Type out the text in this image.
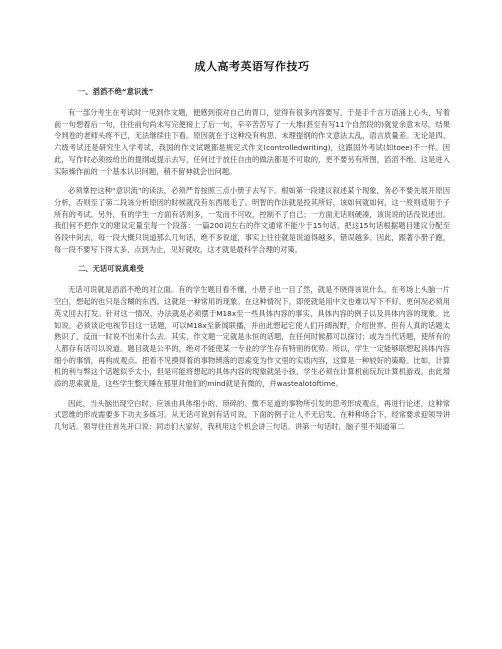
成人高考英语写作技巧
一、滔滔不绝“意识流”

有一部分考生在考试时一见到作文题，便感到很对自己的胃口，觉得有很多内容要写，于是手千言万语涌上心头，写着前一句想着后一句，往往前句尚未写完便接上了后一句，辛辛苦苦写了一大堆(甚至有写11个自然段的)就觉余意未尽。结果令判卷的老师头疼不已，无法继续往下看。原因就在于这种没有构思、未理提纲的作文意法太乱，语言质量差。无论是四、六级考试还是研究生入学考试，我国的作文试题都是规定式作文(controlledwriting)，这跟国外考试(如toee)不一样。因此，写作时必须按给出的提纲或提示去写，任何过于放任自由的做法都是不可取的，更不要另有所图，滔滔不绝。这是进入实际操作前的一个基本认识问题，稍不留神就会出问题。

必须掌控这种“意识流”的读法，必须严肯按照三点小册子去写下。根如第一段建议叙述某个现象，务必不要先展开原因分析，否则至了第二段该分析原因的时候就没有东西展毛了。明智的作法就是投其所好，该如何就如何，这一原则适用于子所有的考试。另外，有的学生一方面有话则多，一发而不可收，控制不了自己；一方面无话则硬凑，该说说的话没说述出。我们何不把作文的建议定量至每一个段落：一篇200词左右的作文通常不能少于15句话，把这15句话根据题目建议分配至各段中间去，每一段大概只说道那么几句话，绝不多说道，事实上往往就是说道得越多，错误越多。因此，跟著小册子跑，每一段不要写下得太多，点到为止，见好就收，这才就是最科学合理的对策。

二、无话可说真难受

无话可说就是滔滔不绝的对立面。有的学生题目看不懂，小册子也一目了然，就是不晓得该说什么，在考场上头脑一片空白，想起的也只是含糊的东西。这就是一种常用的现象。在这种情况下，即使就是用中文也难以写下不好，更何况必须用英文回去打发。针对这一情况，办法就是必须摆于M18x至一些具体内容的事实、具体内容的例子以及具体内容的现象。比如说，必须谈论电视节目这一话题，可以M18x至新闻联播，并由此想起它使人们开阔视野，介绍世界。但有人真的话题太熟识了，反而一时说不出来什么去。其实，作文题一定就是永恒的话题，在任何时候都可以探讨；或为当代话题，使所有的人都存有话可以说道。题目就是公平的，绝对不能使某一专业的学生存有特别的优势。所以，学生一定能够联想起具体内容细小的事情，再构成观点。把看不见摸得着的事物辨落的思索变为作文里的实质内容，这算是一种较好的策略。比如，计算机的利与弊这个话题似乎太小，但是可能将想起的具体内容的现象就是小孩、学生必须在计算机前玩玩计算机游戏。由此增添的思索就是，这些学生整天睡在那里对他们的mind就是有微的，并wastealotoftime。

因此，当头脑出现空白时，应该由具体细小的、琐碎的、微不足道的事物所引发的思考形成观点，再进行论述，这种常式思维的形成需要多下功夫多练习。从无话可说到有话可说，下面的例子让人不无启发。在种种场合下，经常要求迎领导讲几句话。领导往往首先开口说：同志们大家好，我利用这个机会讲三句话。讲第一句话时，脑子里不知道第二
